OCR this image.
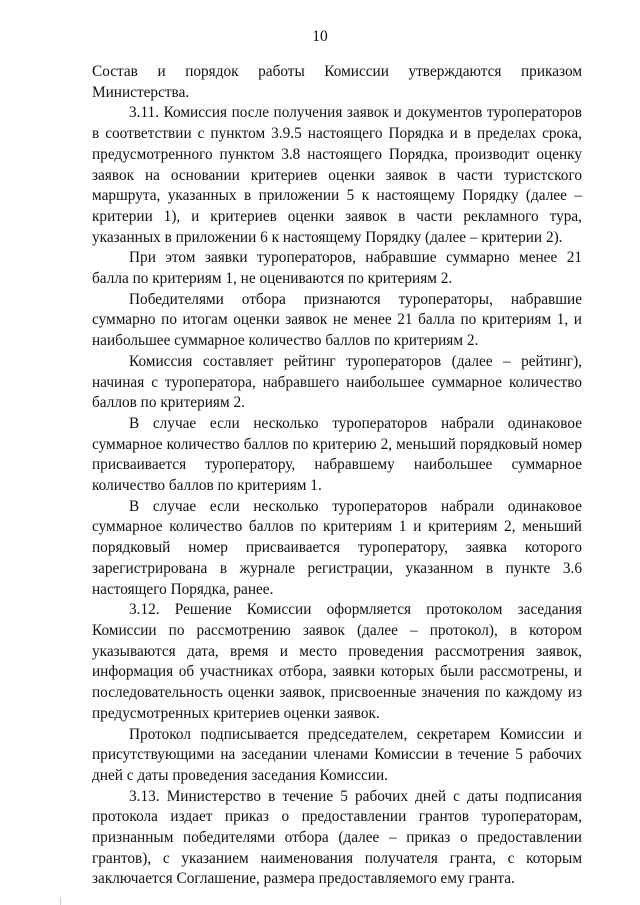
10

Состав и порядок работы Комиссии утверждаются приказом Министерства.

3.11. Комиссия после получения заявок и документов туроператоров в соответствии с пунктом 3.9.5 настоящего Порядка и в пределах срока, предусмотренного пунктом 3.8 настоящего Порядка, производит оценку заявок на основании критериев оценки заявок в части туристского маршрута, указанных в приложении 5 к настоящему Порядку (далее – критерии 1), и критериев оценки заявок в части рекламного тура, указанных в приложении 6 к настоящему Порядку (далее – критерии 2).

При этом заявки туроператоров, набравшие суммарно менее 21 балла по критериям 1, не оцениваются по критериям 2.

Победителями отбора признаются туроператоры, набравшие суммарно по итогам оценки заявок не менее 21 балла по критериям 1, и наибольшее суммарное количество баллов по критериям 2.

Комиссия составляет рейтинг туроператоров (далее – рейтинг), начиная с туроператора, набравшего наибольшее суммарное количество баллов по критериям 2.

В случае если несколько туроператоров набрали одинаковое суммарное количество баллов по критерию 2, меньший порядковый номер присваивается туроператору, набравшему наибольшее суммарное количество баллов по критериям 1.

В случае если несколько туроператоров набрали одинаковое суммарное количество баллов по критериям 1 и критериям 2, меньший порядковый номер присваивается туроператору, заявка которого зарегистрирована в журнале регистрации, указанном в пункте 3.6 настоящего Порядка, ранее.

3.12. Решение Комиссии оформляется протоколом заседания Комиссии по рассмотрению заявок (далее – протокол), в котором указываются дата, время и место проведения рассмотрения заявок, информация об участниках отбора, заявки которых были рассмотрены, и последовательность оценки заявок, присвоенные значения по каждому из предусмотренных критериев оценки заявок.

Протокол подписывается председателем, секретарем Комиссии и присутствующими на заседании членами Комиссии в течение 5 рабочих дней с даты проведения заседания Комиссии.

3.13. Министерство в течение 5 рабочих дней с даты подписания протокола издает приказ о предоставлении грантов туроператорам, признанным победителями отбора (далее – приказ о предоставлении грантов), с указанием наименования получателя гранта, с которым заключается Соглашение, размера предоставляемого ему гранта.
